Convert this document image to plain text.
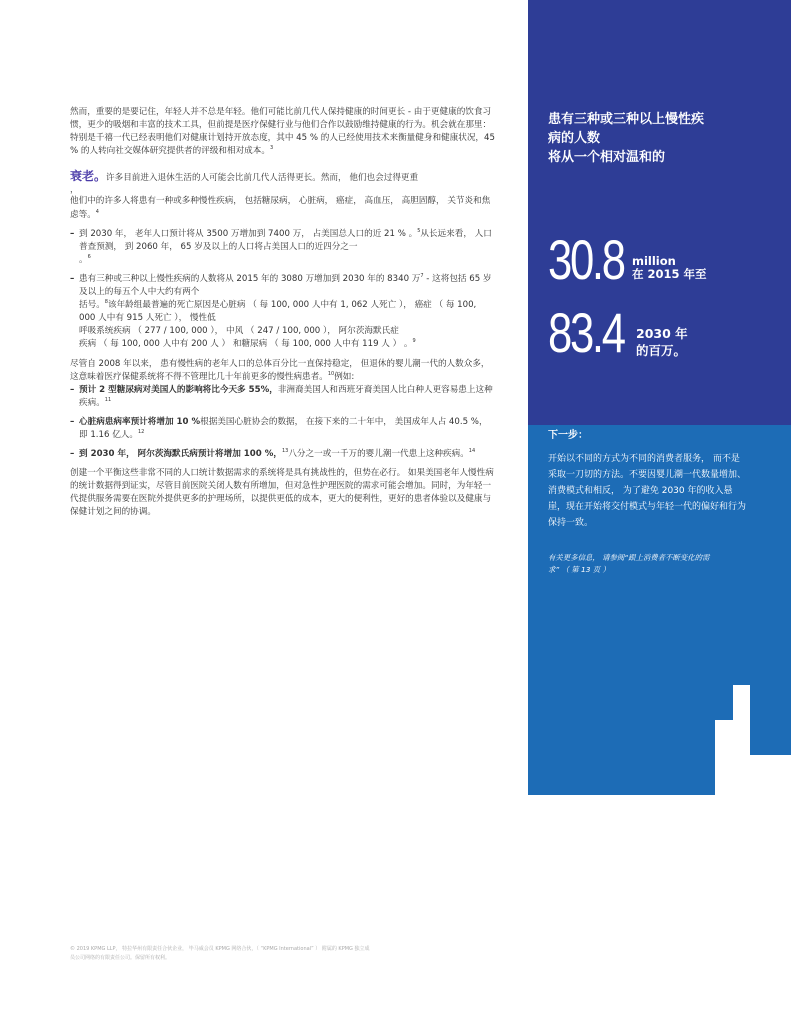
然而，重要的是要记住，年轻人并不总是年轻。他们可能比前几代人保持健康的时间更长 - 由于更健康的饮食习惯，更少的吸烟和丰富的技术工具，但前提是医疗保健行业与他们合作以鼓励维持健康的行为。机会就在那里： 特别是千禧一代已经表明他们对健康计划持开放态度，其中 45 % 的人已经使用技术来衡量健身和健康状况，45 % 的人转向社交媒体研究提供者的评级和相对成本。$^3$

衰老。许多目前进入退休生活的人可能会比前几代人活得更长。然而， 他们也会过得更重

，

他们中的许多人将患有一种或多种慢性疾病， 包括糖尿病， 心脏病， 癌症， 高血压， 高胆固醇， 关节炎和焦虑等。$^4$

– 到 2030 年， 老年人口预计将从 3500 万增加到 7400 万， 占美国总人口的近 21 % 。$^5$从长远来看， 人口普查预测， 到 2060 年， 65 岁及以上的人口将占美国人口的近四分之一
。$^6$
– 患有三种或三种以上慢性疾病的人数将从 2015 年的 3080 万增加到 2030 年的 8340 万$^7$ - 这将包括 65 岁及以上的每五个人中大约有两个
括号。$^8$该年龄组最普遍的死亡原因是心脏病 （ 每 100, 000 人中有 1, 062 人死亡 ）， 癌症 （ 每 100, 000 人中有 915 人死亡 ）， 慢性低
呼吸系统疾病 （ 277 / 100, 000 ）， 中风 （ 247 / 100, 000 ）， 阿尔茨海默氏症
疾病 （ 每 100, 000 人中有 200 人 ） 和糖尿病 （ 每 100, 000 人中有 119 人 ） 。$^9$

尽管自 2008 年以来， 患有慢性病的老年人口的总体百分比一直保持稳定， 但退休的婴儿潮一代的人数众多， 这意味着医疗保健系统将不得不管理比几十年前更多的慢性病患者。$^{10}$例如:

– 预计 2 型糖尿病对美国人的影响将比今天多 55%，非洲裔美国人和西班牙裔美国人比白种人更容易患上这种疾病。$^{11}$
– 心脏病患病率预计将增加 10 %根据美国心脏协会的数据， 在接下来的二十年中， 美国成年人占 40.5 %， 即 1.16 亿人。$^{12}$
– 到 2030 年， 阿尔茨海默氏病预计将增加 100 %，$^{13}$八分之一或一千万的婴儿潮一代患上这种疾病。$^{14}$

创建一个平衡这些非常不同的人口统计数据需求的系统将是具有挑战性的，但势在必行。 如果美国老年人慢性病的统计数据得到证实，尽管目前医院关闭人数有所增加，但对急性护理医院的需求可能会增加。同时，为年轻一代提供服务需要在医院外提供更多的护理场所，以提供更低的成本，更大的便利性，更好的患者体验以及健康与保健计划之间的协调。

© 2019 KPMG LLP， 特拉华州有限责任合伙企业， 毕马威会员 KPMG 网络合伙，（ “KPMG International” ） 附属的 KPMG 独立成
员公司网络的有限责任公司。保留所有权利。
患有三种或三种以上慢性疾
病的人数
将从一个相对温和的
30.8 million
在 2015 年至
83.4 2030 年
的百万。
下一步：
开始以不同的方式为不同的消费者服务， 而不是采取一刀切的方法。不要因婴儿潮一代数量增加、消费模式和相反， 为了避免 2030 年的收入悬崖，现在开始将交付模式与年轻一代的偏好和行为保持一致。
有关更多信息， 请参阅“跟上消费者不断变化的需求” （ 第 13 页 ）
